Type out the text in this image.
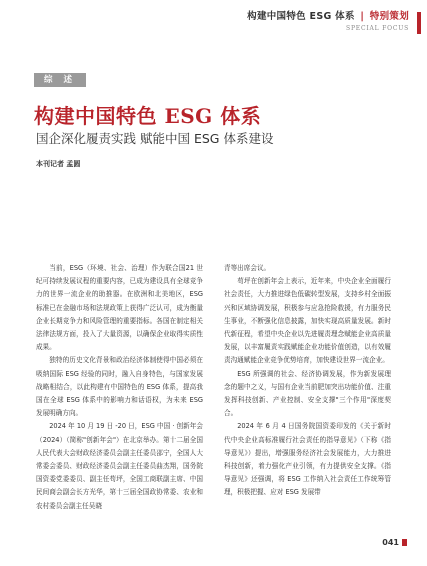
构建中国特色 ESG 体系 | 特别策划
SPECIAL FOCUS
综 述
构建中国特色 ESG 体系
国企深化履责实践 赋能中国 ESG 体系建设
本刊记者 孟圆

当前，ESG（环境、社会、治理）作为联合国21 世纪可持续发展议程的重要内容，已成为建设具有全球竞争力的世界一流企业的助推器。在欧洲和北美地区，ESG 标准已在金融市场和法规政策上获得广泛认可，成为衡量企业长期竞争力和风险管理的重要指标。各国在制定相关法律法规方面，投入了大量资源，以确保企业取得实质性成果。

独特的历史文化背景和政治经济体制使得中国必须在吸纳国际 ESG 经验的同时，融入自身特色，与国家发展战略相结合，以此构建有中国特色的 ESG 体系，提高我国在全球 ESG 体系中的影响力和话语权，为未来 ESG 发展明确方向。

2024 年 10 月 19 日 -20 日，ESG 中国 · 创新年会（2024）（简称"创新年会"）在北京举办。第十二届全国人民代表大会财政经济委员会副主任委员邵宁，全国人大常委会委员、财政经济委员会副主任委员曲杰翔，国务院国资委党委委员、副主任苟坪，全国工商联副主席、中国民间商会副会长方光华，第十三届全国政协常委、农业和农村委员会副主任吴晓

青等出席会议。

苟坪在创新年会上表示，近年来，中央企业全面履行社会责任，大力推进绿色低碳转型发展，支持乡村全面振兴和区域协调发展，积极参与应急抢险救援，有力服务民生事业，不断强化信息披露，加快实现高质量发展。新时代新征程，希望中央企业以先进履责理念赋能企业高质量发展，以丰富履责实践赋能企业功能价值创造，以有效履责沟通赋能企业竞争优势培育，加快建设世界一流企业。

ESG 所强调的社会、经济协调发展，作为新发展理念的题中之义，与国有企业当前肥加突出功能价值、注重发挥科技创新、产业控制、安全支撑"三个作用"深度契合。

2024 年 6 月 4 日国务院国资委印发的《关于新时代中央企业高标准履行社会责任的指导意见》（下称《指导意见》）提出，增强服务经济社会发展能力，大力推进科技创新，着力强化产业引领，有力提供安全支撑。《指导意见》还强调，将 ESG 工作纳入社会责任工作统筹管理，积极把握、应对 ESG 发展带

041
